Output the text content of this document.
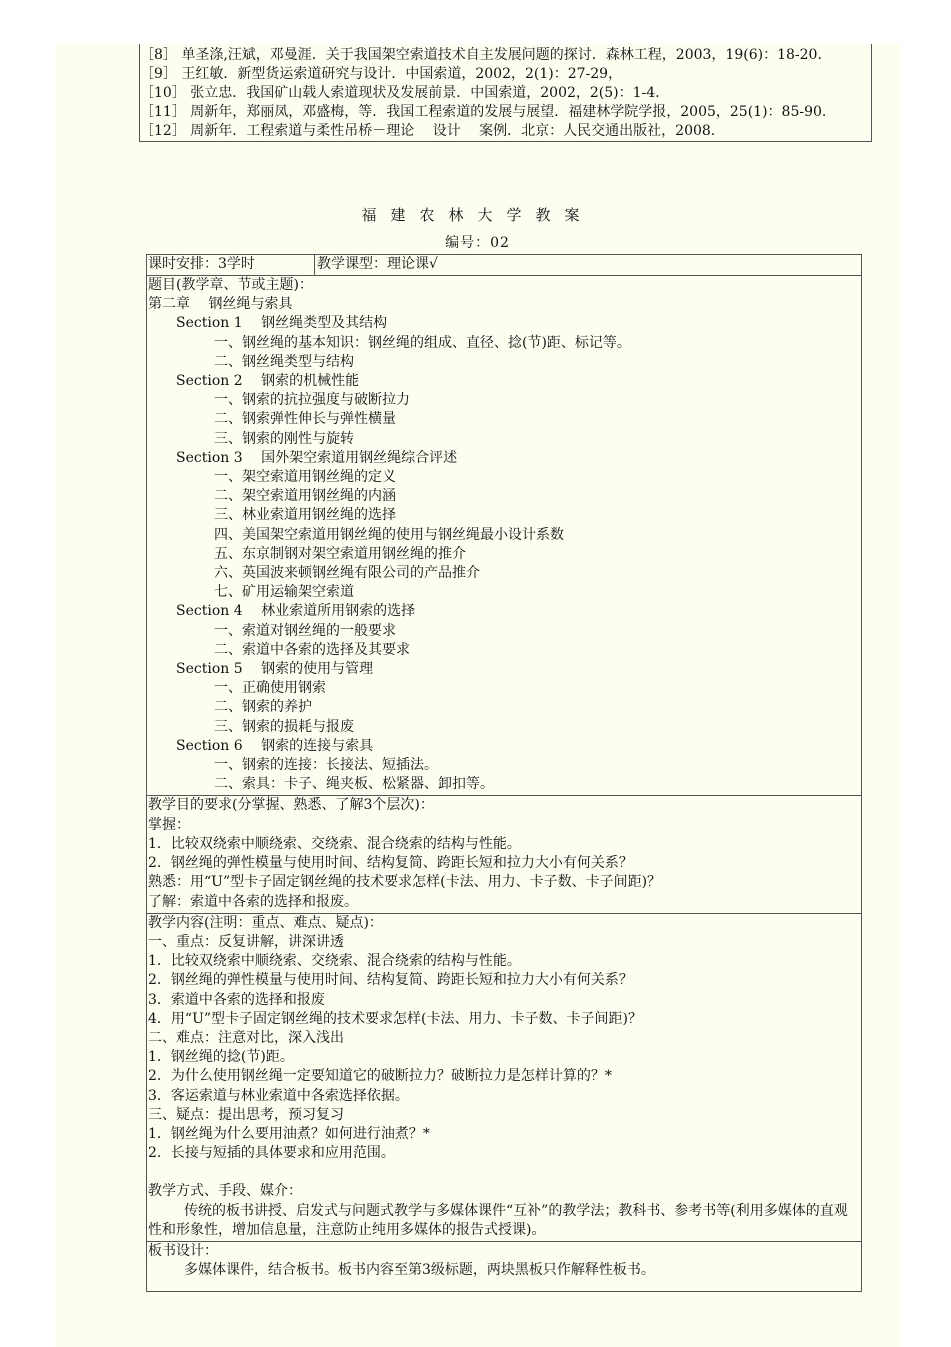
［8］ 单圣涤,汪斌，邓曼涯．关于我国架空索道技术自主发展问题的探讨．森林工程，2003，19(6)：18-20.
［9］ 王红敏．新型货运索道研究与设计．中国索道，2002，2(1)：27-29，
［10］ 张立忠．我国矿山载人索道现状及发展前景．中国索道，2002，2(5)：1-4.
［11］ 周新年，郑丽凤，邓盛梅，等．我国工程索道的发展与展望．福建林学院学报，2005，25(1)：85-90.
［12］ 周新年．工程索道与柔性吊桥－理论　 设计　 案例．北京：人民交通出版社，2008.
福建农林大学教案
编号：02
课时安排：3学时	教学课型：理论课√
题目(教学章、节或主题)：
第二章　 钢丝绳与索具
Section 1　 钢丝绳类型及其结构
一、钢丝绳的基本知识：钢丝绳的组成、直径、捻(节)距、标记等。
二、钢丝绳类型与结构
Section 2　 钢索的机械性能
一、钢索的抗拉强度与破断拉力
二、钢索弹性伸长与弹性横量
三、钢索的刚性与旋转
Section 3　 国外架空索道用钢丝绳综合评述
一、架空索道用钢丝绳的定义
二、架空索道用钢丝绳的内涵
三、林业索道用钢丝绳的选择
四、美国架空索道用钢丝绳的使用与钢丝绳最小设计系数
五、东京制钢对架空索道用钢丝绳的推介
六、英国波来顿钢丝绳有限公司的产品推介
七、矿用运输架空索道
Section 4　 林业索道所用钢索的选择
一、索道对钢丝绳的一般要求
二、索道中各索的选择及其要求
Section 5　 钢索的使用与管理
一、正确使用钢索
二、钢索的养护
三、钢索的损耗与报废
Section 6　 钢索的连接与索具
一、钢索的连接：长接法、短插法。
二、索具：卡子、绳夹板、松紧器、卸扣等。
教学目的要求(分掌握、熟悉、了解3个层次)：
掌握：
1．比较双绕索中顺绕索、交绕索、混合绕索的结构与性能。
2．钢丝绳的弹性模量与使用时间、结构复简、跨距长短和拉力大小有何关系？
熟悉：用“U”型卡子固定钢丝绳的技术要求怎样(卡法、用力、卡子数、卡子间距)？
了解：索道中各索的选择和报废。
教学内容(注明：重点、难点、疑点)：
一、重点：反复讲解，讲深讲透
1．比较双绕索中顺绕索、交绕索、混合绕索的结构与性能。
2．钢丝绳的弹性模量与使用时间、结构复简、跨距长短和拉力大小有何关系？
3．索道中各索的选择和报废
4．用“U”型卡子固定钢丝绳的技术要求怎样(卡法、用力、卡子数、卡子间距)？
二、难点：注意对比，深入浅出
1．钢丝绳的捻(节)距。
2．为什么使用钢丝绳一定要知道它的破断拉力？破断拉力是怎样计算的？*
3．客运索道与林业索道中各索选择依据。
三、疑点：提出思考，预习复习
1．钢丝绳为什么要用油煮？如何进行油煮？*
2．长接与短插的具体要求和应用范围。
教学方式、手段、媒介：
传统的板书讲授、启发式与问题式教学与多媒体课件“互补”的教学法；教科书、参考书等(利用多媒体的直观性和形象性，增加信息量，注意防止纯用多媒体的报告式授课)。
板书设计：
多媒体课件，结合板书。板书内容至第3级标题，两块黑板只作解释性板书。
